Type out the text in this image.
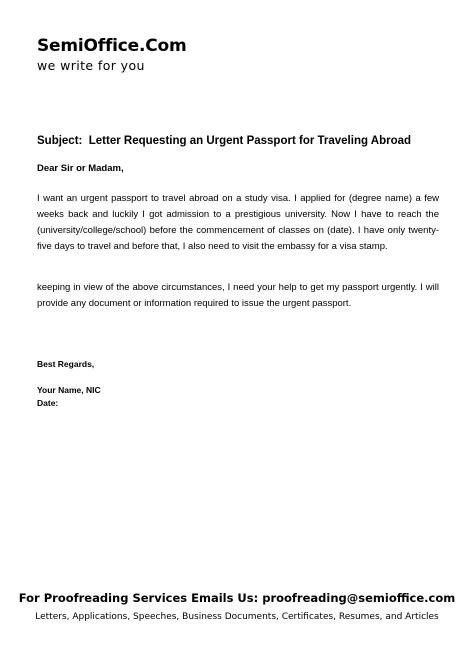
SemiOffice.Com
we write for you
Subject:  Letter Requesting an Urgent Passport for Traveling Abroad
Dear Sir or Madam,

I want an urgent passport to travel abroad on a study visa. I applied for (degree name) a few weeks back and luckily I got admission to a prestigious university. Now I have to reach the (university/college/school) before the commencement of classes on (date). I have only twenty-five days to travel and before that, I also need to visit the embassy for a visa stamp.

keeping in view of the above circumstances, I need your help to get my passport urgently. I will provide any document or information required to issue the urgent passport.

Best Regards,
Your Name, NIC
Date:
For Proofreading Services Emails Us: proofreading@semioffice.com
Letters, Applications, Speeches, Business Documents, Certificates, Resumes, and Articles
